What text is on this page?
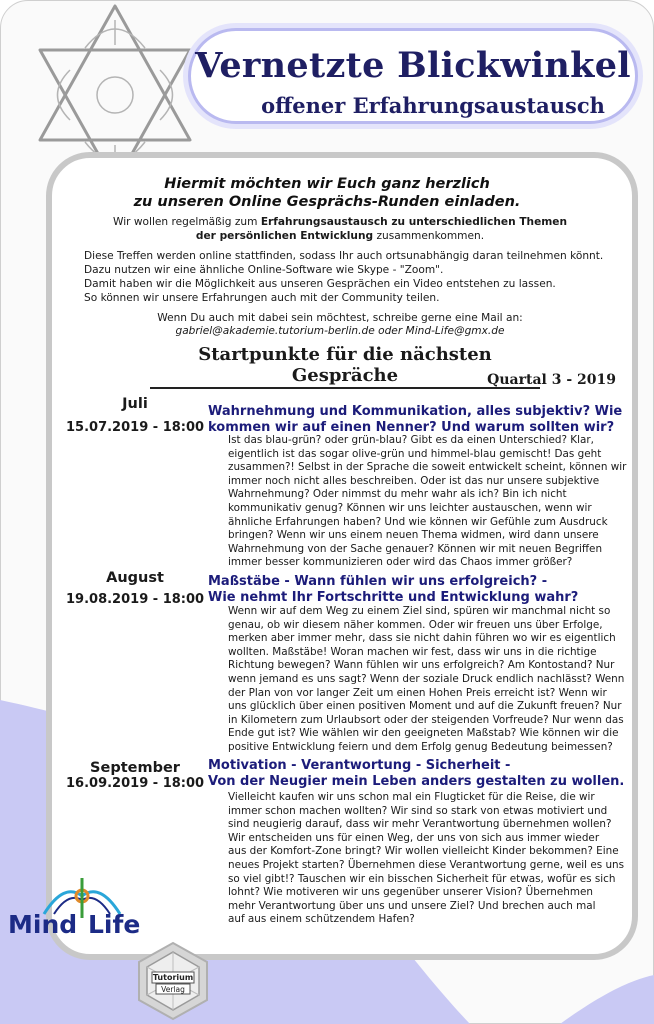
Vernetzte Blickwinkel
offener Erfahrungsaustausch
Hiermit möchten wir Euch ganz herzlich
zu unseren Online Gesprächs-Runden einladen.
Wir wollen regelmäßig zum Erfahrungsaustausch zu unterschiedlichen Themen
der persönlichen Entwicklung zusammenkommen.
Diese Treffen werden online stattfinden, sodass Ihr auch ortsunabhängig daran teilnehmen könnt.
Dazu nutzen wir eine ähnliche Online-Software wie Skype - "Zoom".
Damit haben wir die Möglichkeit aus unseren Gesprächen ein Video entstehen zu lassen.
So können wir unsere Erfahrungen auch mit der Community teilen.
Wenn Du auch mit dabei sein möchtest, schreibe gerne eine Mail an:
gabriel@akademie.tutorium-berlin.de oder Mind-Life@gmx.de
Startpunkte für die nächsten Gespräche	Quartal 3 - 2019
Juli
15.07.2019 - 18:00
Wahrnehmung und Kommunikation, alles subjektiv? Wie
kommen wir auf einen Nenner? Und warum sollten wir?
Ist das blau-grün? oder grün-blau? Gibt es da einen Unterschied? Klar,
eigentlich ist das sogar olive-grün und himmel-blau gemischt! Das geht
zusammen?! Selbst in der Sprache die soweit entwickelt scheint, können wir
immer noch nicht alles beschreiben. Oder ist das nur unsere subjektive
Wahrnehmung? Oder nimmst du mehr wahr als ich? Bin ich nicht
kommunikativ genug? Können wir uns leichter austauschen, wenn wir
ähnliche Erfahrungen haben? Und wie können wir Gefühle zum Ausdruck
bringen? Wenn wir uns einem neuen Thema widmen, wird dann unsere
Wahrnehmung von der Sache genauer? Können wir mit neuen Begriffen
immer besser kommunizieren oder wird das Chaos immer größer?
August
19.08.2019 - 18:00
Maßstäbe - Wann fühlen wir uns erfolgreich? -
Wie nehmt Ihr Fortschritte und Entwicklung wahr?
Wenn wir auf dem Weg zu einem Ziel sind, spüren wir manchmal nicht so
genau, ob wir diesem näher kommen. Oder wir freuen uns über Erfolge,
merken aber immer mehr, dass sie nicht dahin führen wo wir es eigentlich
wollten. Maßstäbe! Woran machen wir fest, dass wir uns in die richtige
Richtung bewegen? Wann fühlen wir uns erfolgreich? Am Kontostand? Nur
wenn jemand es uns sagt? Wenn der soziale Druck endlich nachlässt? Wenn
der Plan von vor langer Zeit um einen Hohen Preis erreicht ist? Wenn wir
uns glücklich über einen positiven Moment und auf die Zukunft freuen? Nur
in Kilometern zum Urlaubsort oder der steigenden Vorfreude? Nur wenn das
Ende gut ist? Wie wählen wir den geeigneten Maßstab? Wie können wir die
positive Entwicklung feiern und dem Erfolg genug Bedeutung beimessen?
September
16.09.2019 - 18:00
Motivation - Verantwortung - Sicherheit -
Von der Neugier mein Leben anders gestalten zu wollen.
Vielleicht kaufen wir uns schon mal ein Flugticket für die Reise, die wir
immer schon machen wollten? Wir sind so stark von etwas motiviert und
sind neugierig darauf, dass wir mehr Verantwortung übernehmen wollen?
Wir entscheiden uns für einen Weg, der uns von sich aus immer wieder
aus der Komfort-Zone bringt? Wir wollen vielleicht Kinder bekommen? Eine
neues Projekt starten? Übernehmen diese Verantwortung gerne, weil es uns
so viel gibt!? Tauschen wir ein bisschen Sicherheit für etwas, wofür es sich
lohnt? Wie motiveren wir uns gegenüber unserer Vision? Übernehmen
mehr Verantwortung über uns und unsere Ziel? Und brechen auch mal
auf aus einem schützendem Hafen?
Mind Life
Tutorium
Verlag
